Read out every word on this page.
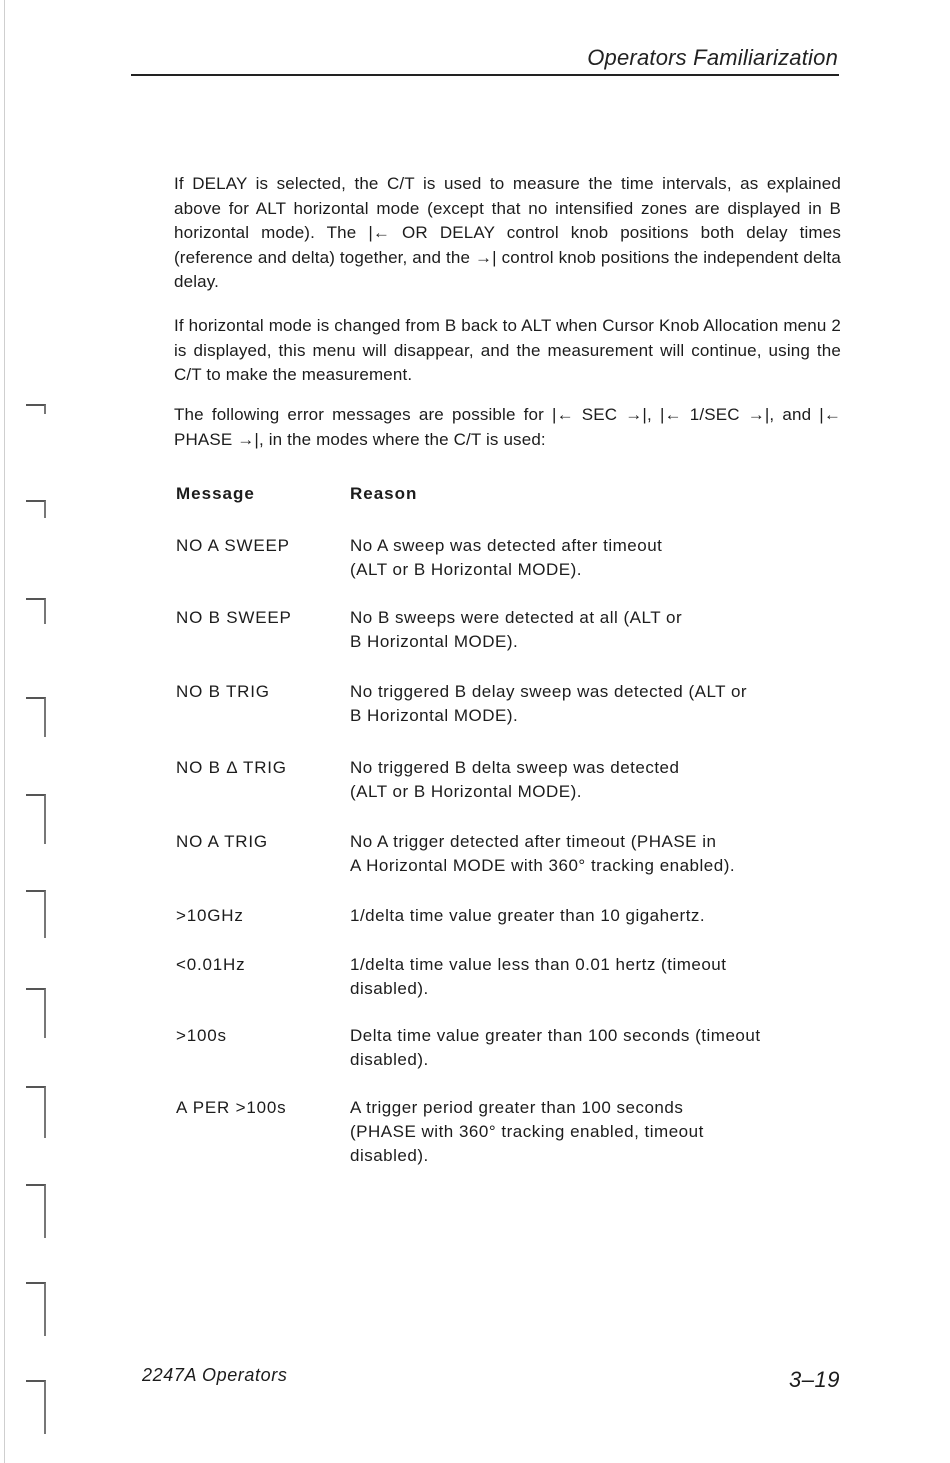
Operators Familiarization

If DELAY is selected, the C/T is used to measure the time intervals, as explained above for ALT horizontal mode (except that no intensified zones are displayed in B horizontal mode). The |← OR DELAY control knob positions both delay times (reference and delta) together, and the →| control knob positions the independent delta delay.

If horizontal mode is changed from B back to ALT when Cursor Knob Allocation menu 2 is displayed, this menu will disappear, and the measurement will continue, using the C/T to make the measurement.

The following error messages are possible for |← SEC →|, |← 1/SEC →|, and |← PHASE →|, in the modes where the C/T is used:

Message	Reason
NO A SWEEP	No A sweep was detected after timeout
(ALT or B Horizontal MODE).
NO B SWEEP	No B sweeps were detected at all (ALT or
B Horizontal MODE).
NO B TRIG	No triggered B delay sweep was detected (ALT or
B Horizontal MODE).
NO B Δ TRIG	No triggered B delta sweep was detected
(ALT or B Horizontal MODE).
NO A TRIG	No A trigger detected after timeout (PHASE in
A Horizontal MODE with 360° tracking enabled).
>10GHz	1/delta time value greater than 10 gigahertz.
<0.01Hz	1/delta time value less than 0.01 hertz (timeout
disabled).
>100s	Delta time value greater than 100 seconds (timeout
disabled).
A PER >100s	A trigger period greater than 100 seconds
(PHASE with 360° tracking enabled, timeout
disabled).
2247A Operators	3–19
